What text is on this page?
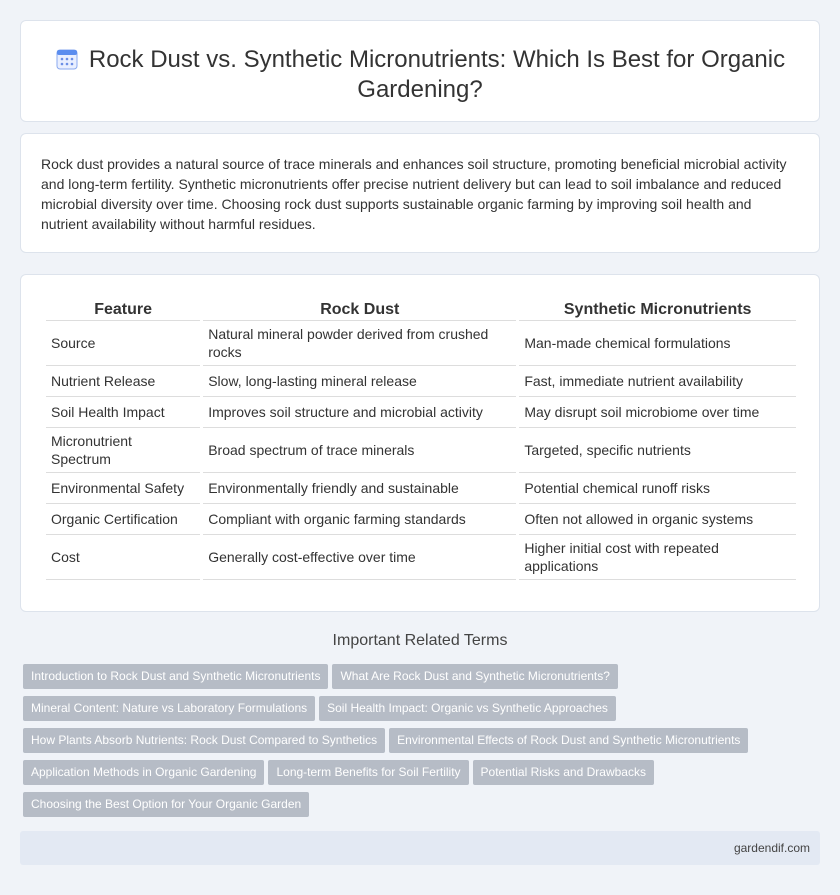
Rock Dust vs. Synthetic Micronutrients: Which Is Best for Organic Gardening?

Rock dust provides a natural source of trace minerals and enhances soil structure, promoting beneficial microbial activity and long-term fertility. Synthetic micronutrients offer precise nutrient delivery but can lead to soil imbalance and reduced microbial diversity over time. Choosing rock dust supports sustainable organic farming by improving soil health and nutrient availability without harmful residues.

Feature	Rock Dust	Synthetic Micronutrients
Source	Natural mineral powder derived from crushed rocks	Man-made chemical formulations
Nutrient Release	Slow, long-lasting mineral release	Fast, immediate nutrient availability
Soil Health Impact	Improves soil structure and microbial activity	May disrupt soil microbiome over time
Micronutrient Spectrum	Broad spectrum of trace minerals	Targeted, specific nutrients
Environmental Safety	Environmentally friendly and sustainable	Potential chemical runoff risks
Organic Certification	Compliant with organic farming standards	Often not allowed in organic systems
Cost	Generally cost-effective over time	Higher initial cost with repeated applications
Important Related Terms
Introduction to Rock Dust and Synthetic Micronutrients What Are Rock Dust and Synthetic Micronutrients?
Mineral Content: Nature vs Laboratory Formulations Soil Health Impact: Organic vs Synthetic Approaches
How Plants Absorb Nutrients: Rock Dust Compared to Synthetics Environmental Effects of Rock Dust and Synthetic Micronutrients
Application Methods in Organic Gardening Long-term Benefits for Soil Fertility Potential Risks and Drawbacks
Choosing the Best Option for Your Organic Garden
gardendif.com
